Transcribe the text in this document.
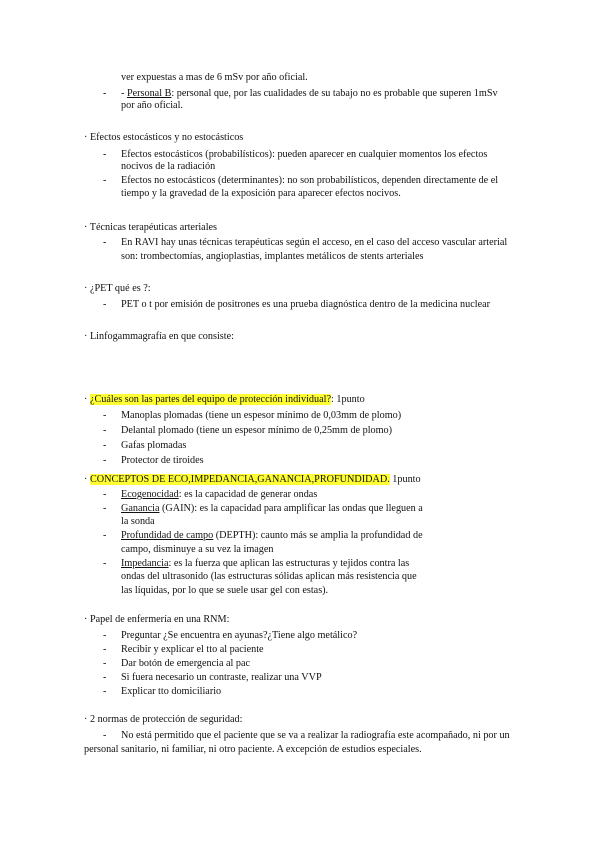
ver expuestas a mas de 6 mSv por año oficial.
-	- Personal B: personal que, por las cualidades de su tabajo no es probable que superen 1mSv
por año oficial.
· Efectos estocásticos y no estocásticos
-	Efectos estocásticos (probabilísticos): pueden aparecer en cualquier momentos los efectos
nocivos de la radiación
-	Efectos no estocásticos (determinantes): no son probabilísticos, dependen directamente de el
tiempo y la gravedad de la exposición para aparecer efectos nocivos.
· Técnicas terapéuticas arteriales
-	En RAVI hay unas técnicas terapéuticas según el acceso, en el caso del acceso vascular arterial
son: trombectomías, angioplastias, implantes metálicos de stents arteriales
· ¿PET qué es ?:
-	PET o t por emisión de positrones es una prueba diagnóstica dentro de la medicina nuclear
· Linfogammagrafía en que consiste:
· ¿Cuáles son las partes del equipo de protección individual?: 1punto
-	Manoplas plomadas (tiene un espesor mínimo de 0,03mm de plomo)
-	Delantal plomado (tiene un espesor mínimo de 0,25mm de plomo)
-	Gafas plomadas
-	Protector de tiroides
· CONCEPTOS DE ECO,IMPEDANCIA,GANANCIA,PROFUNDIDAD. 1punto
-	Ecogenocidad: es la capacidad de generar ondas
-	Ganancia (GAIN): es la capacidad para amplificar las ondas que lleguen a
la sonda
-	Profundidad de campo (DEPTH): caunto más se amplia la profundidad de
campo, disminuye a su vez la imagen
-	Impedancia: es la fuerza que aplican las estructuras y tejidos contra las
ondas del ultrasonido (las estructuras sólidas aplican más resistencia que
las líquidas, por lo que se suele usar gel con estas).
· Papel de enfermería en una RNM:
-	Preguntar ¿Se encuentra en ayunas?¿Tiene algo metálico?
-	Recibir y explicar el tto al paciente
-	Dar botón de emergencia al pac
-	Si fuera necesario un contraste, realizar una VVP
-	Explicar tto domiciliario
· 2 normas de protección de seguridad:
-	No está permitido que el paciente que se va a realizar la radiografía este acompañado, ni por un
personal sanitario, ni familiar, ni otro paciente. A excepción de estudios especiales.
